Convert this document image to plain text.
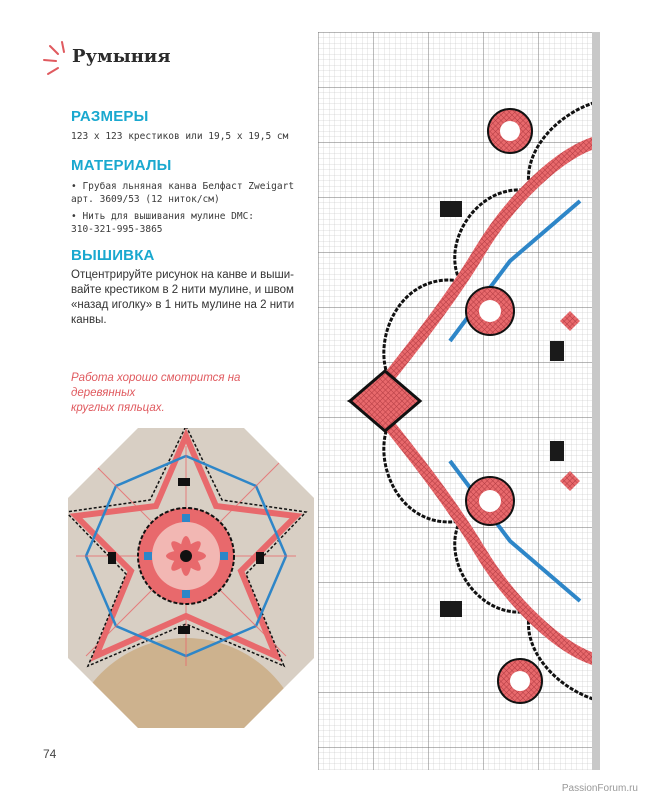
Румыния
РАЗМЕРЫ
123 x 123 крестиков или 19,5 x 19,5 см
МАТЕРИАЛЫ
• Грубая льняная канва Белфаст Zweigart
арт. 3609/53 (12 ниток/см)
• Нить для вышивания мулине DMC:
310-321-995-3865
ВЫШИВКА
Отцентрируйте рисунок на канве и выши-
вайте крестиком в 2 нити мулине, и швом
«назад иголку» в 1 нить мулине на 2 нити
канвы.
Работа хорошо смотрится на деревянных
круглых пяльцах.
74
PassionForum.ru
